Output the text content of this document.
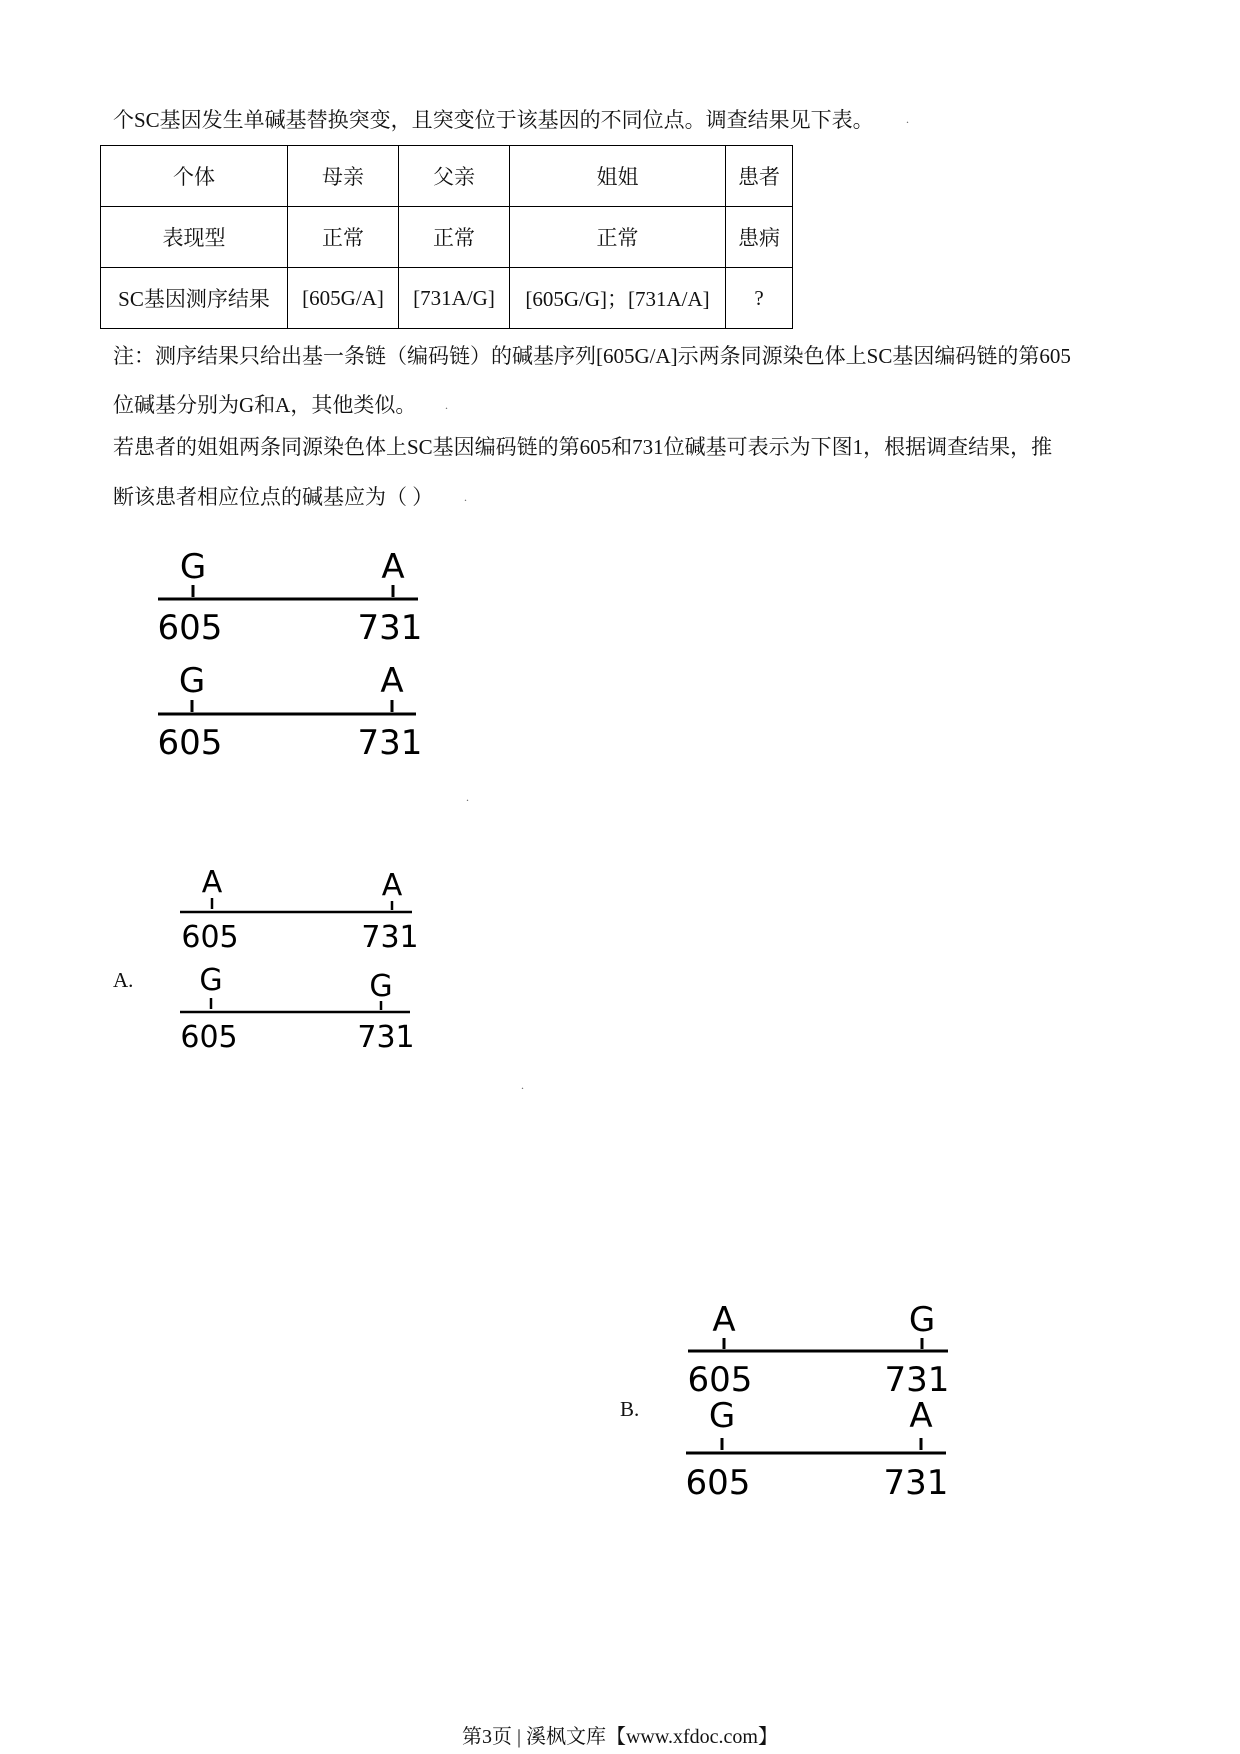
个SC基因发生单碱基替换突变，且突变位于该基因的不同位点。调查结果见下表。	.
个体	母亲	父亲	姐姐	患者
表现型	正常	正常	正常	患病
SC基因测序结果	[605G/A]	[731A/G]	[605G/G]；[731A/A]	?
注：测序结果只给出基一条链（编码链）的碱基序列[605G/A]示两条同源染色体上SC基因编码链的第605
位碱基分别为G和A，其他类似。 .
若患者的姐姐两条同源染色体上SC基因编码链的第605和731位碱基可表示为下图1，根据调查结果，推
断该患者相应位点的碱基应为（ ）	.
G	A
605	731
G	A
605	731
.
A.
A	A
605	731
G	G
605	731
.
B.
A	G
605	731
G	A
605	731
第3页 | 溪枫文库【www.xfdoc.com】
